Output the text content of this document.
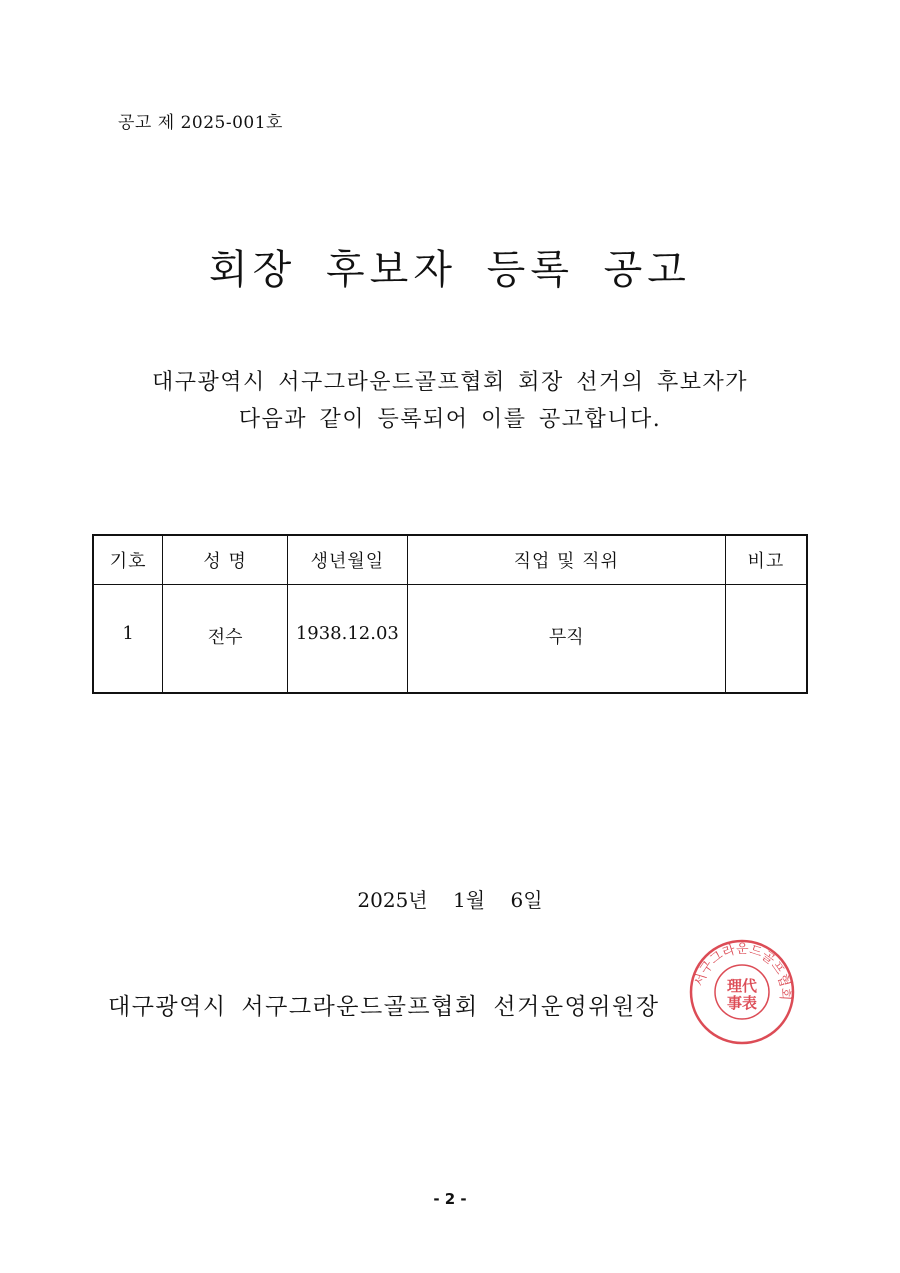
공고 제 2025-001호
회장 후보자 등록 공고
대구광역시 서구그라운드골프협회 회장 선거의 후보자가
다음과 같이 등록되어 이를 공고합니다.
기호	성 명	생년월일	직업 및 직위	비고
1	전수	1938.12.03	무직	
2025년    1월    6일
대구광역시 서구그라운드골프협회 선거운영위원장
서구그라운드골프협회
理代
事表
- 2 -
